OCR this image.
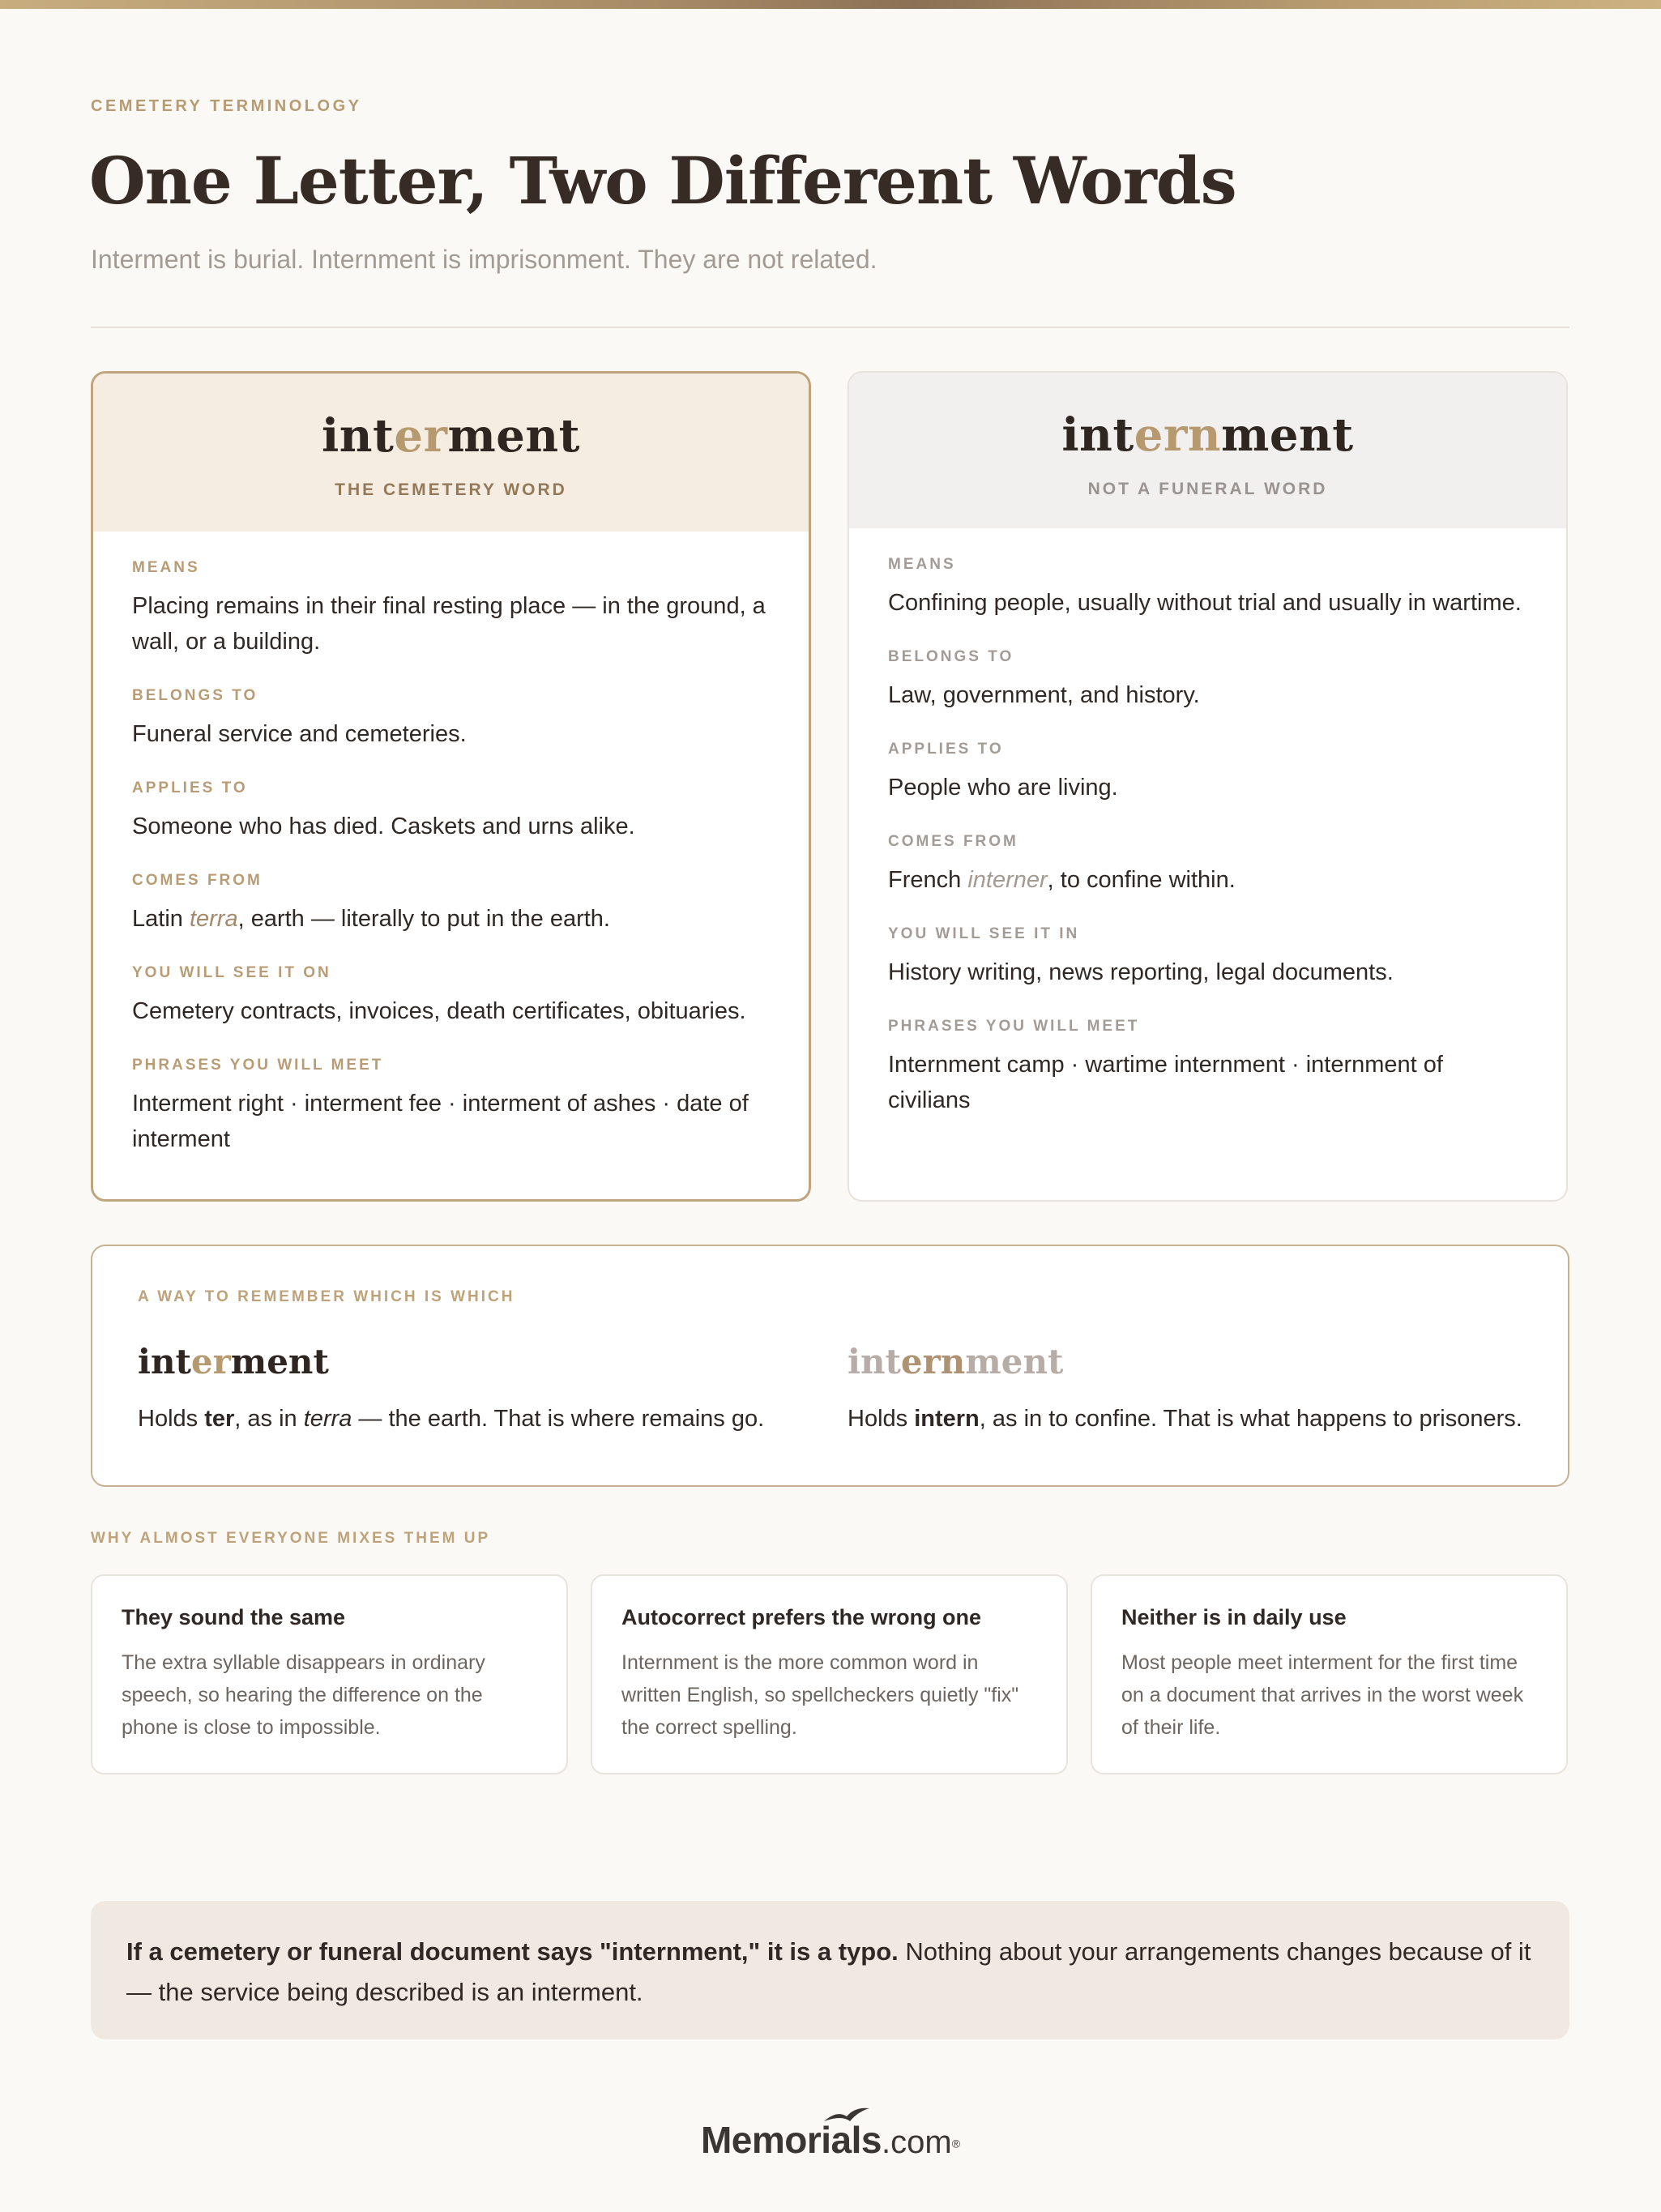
CEMETERY TERMINOLOGY
One Letter, Two Different Words
Interment is burial. Internment is imprisonment. They are not related.
interment
THE CEMETERY WORD
MEANS
Placing remains in their final resting place — in the ground, a wall, or a building.
BELONGS TO
Funeral service and cemeteries.
APPLIES TO
Someone who has died. Caskets and urns alike.
COMES FROM
Latin terra, earth — literally to put in the earth.
YOU WILL SEE IT ON
Cemetery contracts, invoices, death certificates, obituaries.
PHRASES YOU WILL MEET
Interment right · interment fee · interment of ashes · date of interment
internment
NOT A FUNERAL WORD
MEANS
Confining people, usually without trial and usually in wartime.
BELONGS TO
Law, government, and history.
APPLIES TO
People who are living.
COMES FROM
French interner, to confine within.
YOU WILL SEE IT IN
History writing, news reporting, legal documents.
PHRASES YOU WILL MEET
Internment camp · wartime internment · internment of civilians
A WAY TO REMEMBER WHICH IS WHICH
interment
Holds ter, as in terra — the earth. That is where remains go.
internment
Holds intern, as in to confine. That is what happens to prisoners.
WHY ALMOST EVERYONE MIXES THEM UP
They sound the same
The extra syllable disappears in ordinary speech, so hearing the difference on the phone is close to impossible.
Autocorrect prefers the wrong one
Internment is the more common word in written English, so spellcheckers quietly "fix" the correct spelling.
Neither is in daily use
Most people meet interment for the first time on a document that arrives in the worst week of their life.
If a cemetery or funeral document says "internment," it is a typo. Nothing about your arrangements changes because of it — the service being described is an interment.
Memorials.com®
